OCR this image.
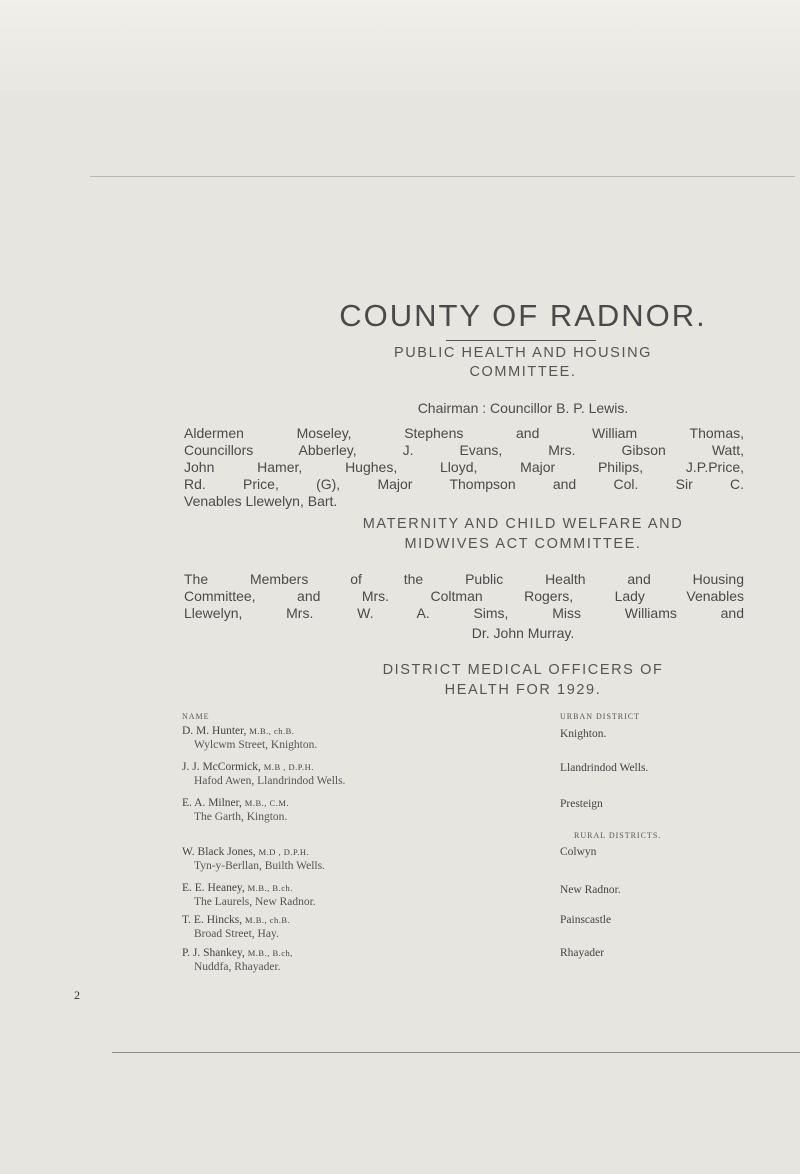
COUNTY OF RADNOR.
PUBLIC HEALTH AND HOUSING
COMMITTEE.
Chairman : Councillor B. P. Lewis.
Aldermen Moseley, Stephens and William Thomas,
Councillors Abberley, J. Evans, Mrs. Gibson Watt,
John Hamer, Hughes, Lloyd, Major Philips, J.P.Price,
Rd. Price, (G), Major Thompson and Col. Sir C.
Venables Llewelyn, Bart.
MATERNITY AND CHILD WELFARE AND
MIDWIVES ACT COMMITTEE.
The Members of the Public Health and Housing
Committee, and Mrs. Coltman Rogers, Lady Venables
Llewelyn, Mrs. W. A. Sims, Miss Williams and
Dr. John Murray.
DISTRICT MEDICAL OFFICERS OF
HEALTH FOR 1929.
NAME	URBAN DISTRICT
D. M. Hunter, M.B., ch.B.
Wylcwm Street, Knighton.
Knighton.
J. J. McCormick, M.B , D.P.H.
Hafod Awen, Llandrindod Wells.
Llandrindod Wells.
E. A. Milner, M.B., C.M.
The Garth, Kington.
Presteign
RURAL DISTRICTS.
W. Black Jones, M.D , D.P.H.
Tyn-y-Berllan, Builth Wells.
Colwyn
E. E. Heaney, M.B., B.ch.
The Laurels, New Radnor.
New Radnor.
T. E. Hincks, M.B., ch.B.
Broad Street, Hay.
Painscastle
P. J. Shankey, M.B., B.ch,
Nuddfa, Rhayader.
Rhayader
2
